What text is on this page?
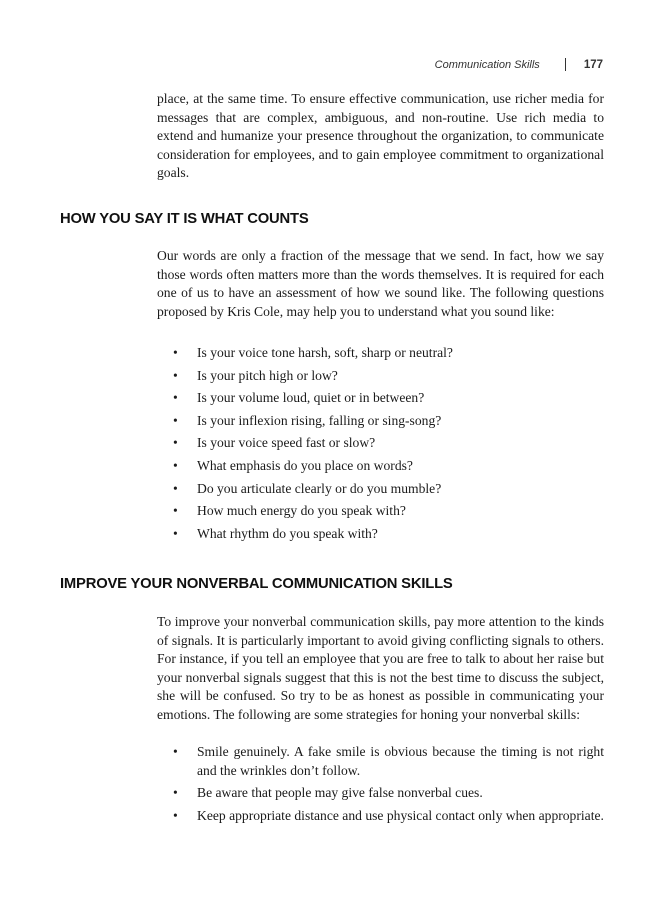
Communication Skills	177

place, at the same time. To ensure effective communication, use richer media for messages that are complex, ambiguous, and non-routine. Use rich media to extend and humanize your presence throughout the organization, to communicate consideration for employees, and to gain employee commitment to organizational goals.

HOW YOU SAY IT IS WHAT COUNTS

Our words are only a fraction of the message that we send. In fact, how we say those words often matters more than the words themselves. It is required for each one of us to have an assessment of how we sound like. The following questions proposed by Kris Cole, may help you to understand what you sound like:

• Is your voice tone harsh, soft, sharp or neutral?
• Is your pitch high or low?
• Is your volume loud, quiet or in between?
• Is your inflexion rising, falling or sing-song?
• Is your voice speed fast or slow?
• What emphasis do you place on words?
• Do you articulate clearly or do you mumble?
• How much energy do you speak with?
• What rhythm do you speak with?
IMPROVE YOUR NONVERBAL COMMUNICATION SKILLS

To improve your nonverbal communication skills, pay more attention to the kinds of signals. It is particularly important to avoid giving conflicting signals to others. For instance, if you tell an employee that you are free to talk to about her raise but your nonverbal signals suggest that this is not the best time to discuss the subject, she will be confused. So try to be as honest as possible in communicating your emotions. The following are some strategies for honing your nonverbal skills:

• Smile genuinely. A fake smile is obvious because the timing is not right and the wrinkles don’t follow.
• Be aware that people may give false nonverbal cues.
• Keep appropriate distance and use physical contact only when appropriate.
